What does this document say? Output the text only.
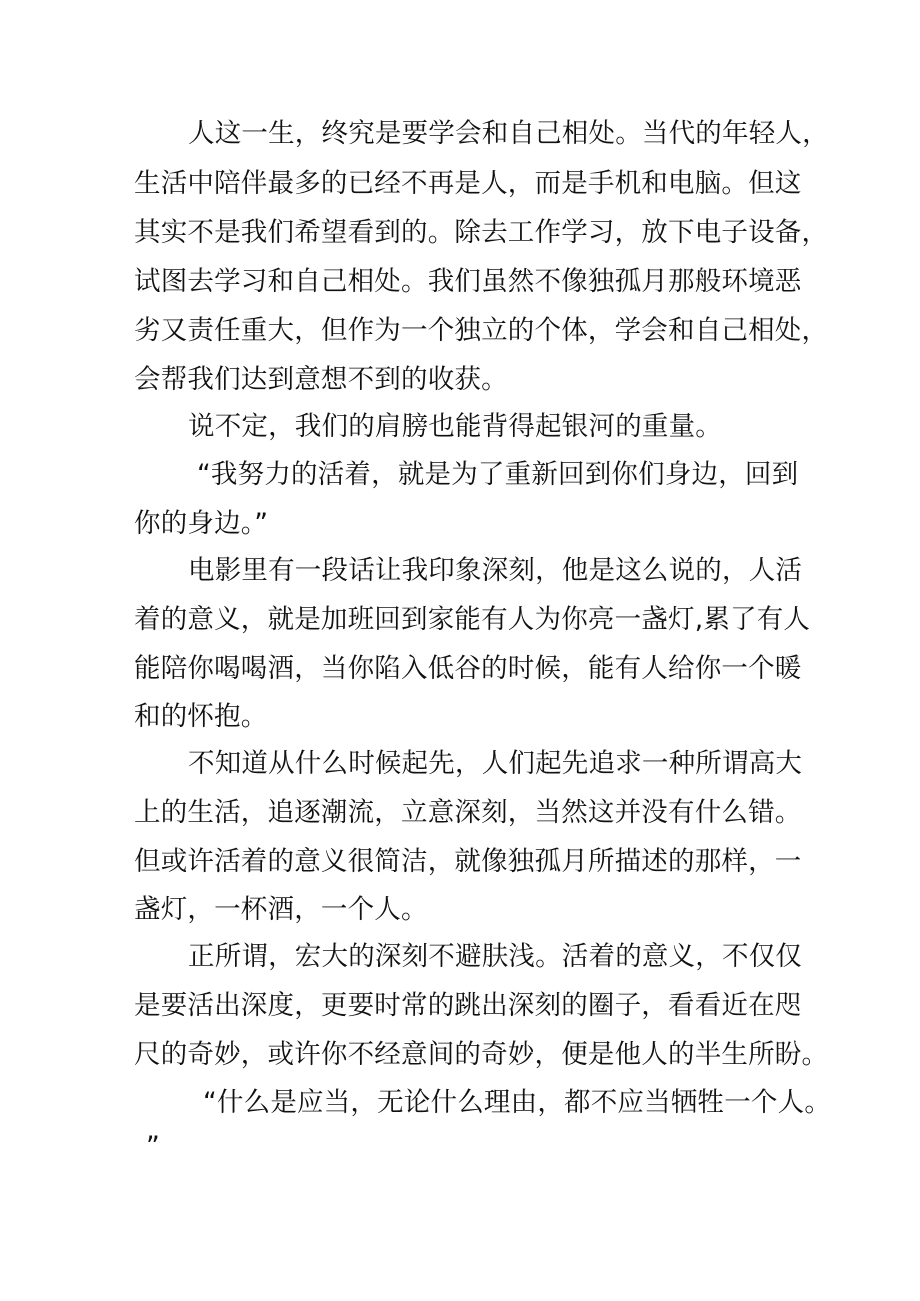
人这一生，终究是要学会和自己相处。当代的年轻人，
生活中陪伴最多的已经不再是人，而是手机和电脑。但这
其实不是我们希望看到的。除去工作学习，放下电子设备，
试图去学习和自己相处。我们虽然不像独孤月那般环境恶
劣又责任重大，但作为一个独立的个体，学会和自己相处，
会帮我们达到意想不到的收获。
说不定，我们的肩膀也能背得起银河的重量。
“我努力的活着，就是为了重新回到你们身边，回到
你的身边。”
电影里有一段话让我印象深刻，他是这么说的，人活
着的意义，就是加班回到家能有人为你亮一盏灯,累了有人
能陪你喝喝酒，当你陷入低谷的时候，能有人给你一个暖
和的怀抱。
不知道从什么时候起先，人们起先追求一种所谓高大
上的生活，追逐潮流，立意深刻，当然这并没有什么错。
但或许活着的意义很简洁，就像独孤月所描述的那样，一
盏灯，一杯酒，一个人。
正所谓，宏大的深刻不避肤浅。活着的意义，不仅仅
是要活出深度，更要时常的跳出深刻的圈子，看看近在咫
尺的奇妙，或许你不经意间的奇妙，便是他人的半生所盼。
“什么是应当，无论什么理由，都不应当牺牲一个人。
”
